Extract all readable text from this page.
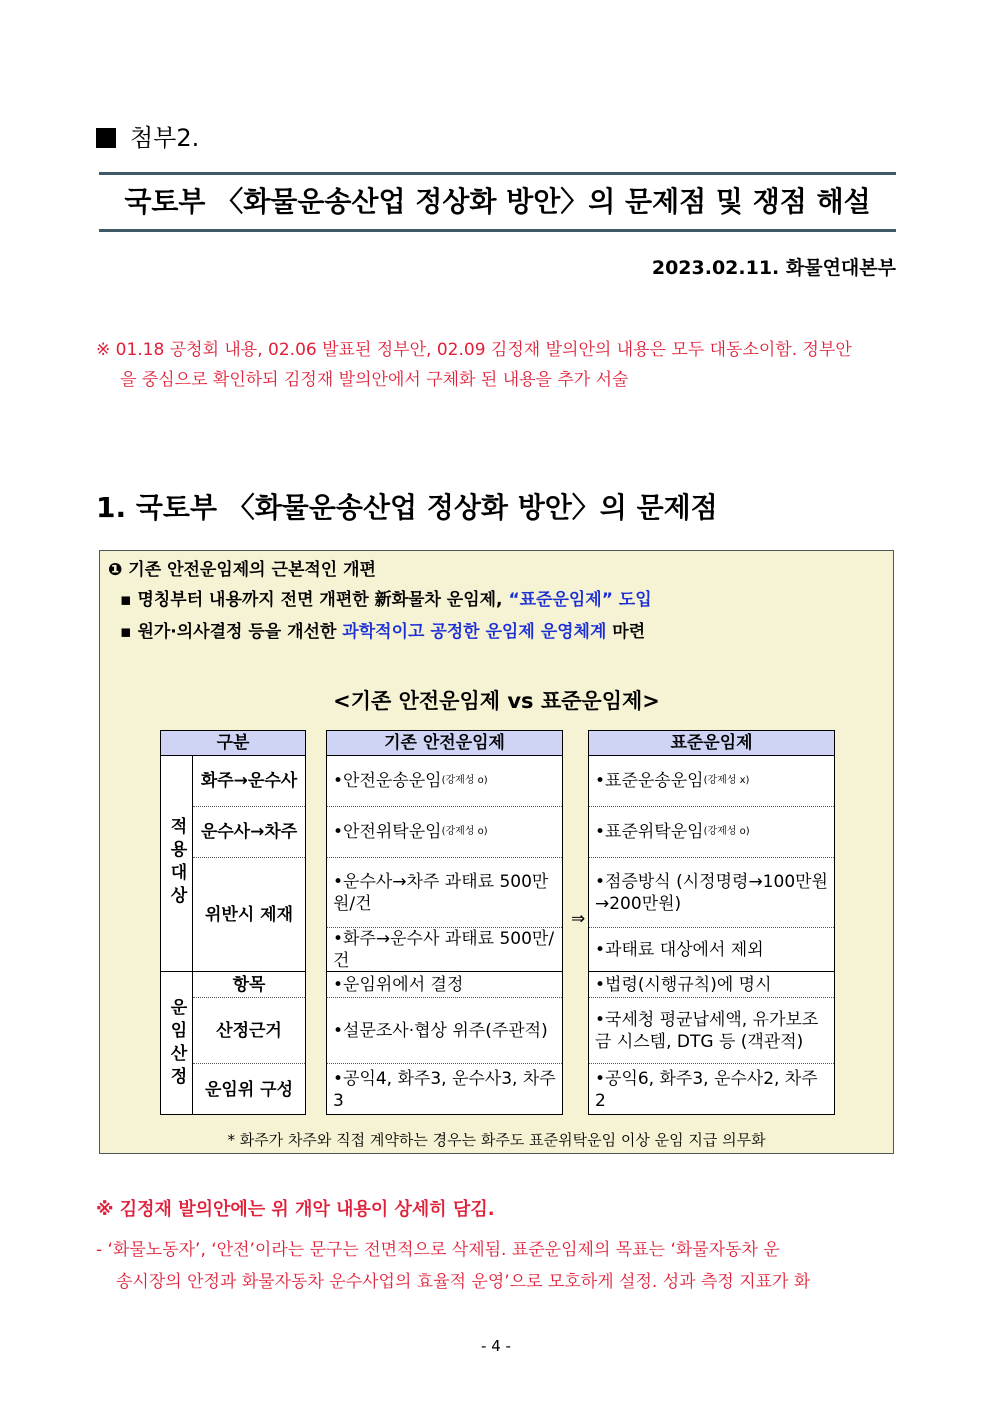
첨부2.
국토부 〈화물운송산업 정상화 방안〉의 문제점 및 쟁점 해설
2023.02.11. 화물연대본부
※ 01.18 공청회 내용, 02.06 발표된 정부안, 02.09 김정재 발의안의 내용은 모두 대동소이함. 정부안
을 중심으로 확인하되 김정재 발의안에서 구체화 된 내용을 추가 서술
1. 국토부 〈화물운송산업 정상화 방안〉의 문제점
❶ 기존 안전운임제의 근본적인 개편
▪ 명칭부터 내용까지 전면 개편한 新화물차 운임제, “표준운임제” 도입
▪ 원가·의사결정 등을 개선한 과학적이고 공정한 운임제 운영체계 마련
<기존 안전운임제 vs 표준운임제>
구분
적용대상
운임산정
화주→운수사
운수사→차주
위반시 제재
항목
산정근거
운임위 구성
기존 안전운임제
•안전운송운임 (강제성 o)
•안전위탁운임 (강제성 o)
•운수사→차주 과태료 500만원/건
•화주→운수사 과태료 500만/건
•운임위에서 결정
•설문조사·협상 위주(주관적)
•공익4, 화주3, 운수사3, 차주3
⇒
표준운임제
•표준운송운임 (강제성 x)
•표준위탁운임 (강제성 o)
•점증방식 (시정명령→100만원→200만원)
•과태료 대상에서 제외
•법령(시행규칙)에 명시
•국세청 평균납세액, 유가보조금 시스템, DTG 등 (객관적)
•공익6, 화주3, 운수사2, 차주2
* 화주가 차주와 직접 계약하는 경우는 화주도 표준위탁운임 이상 운임 지급 의무화
※ 김정재 발의안에는 위 개악 내용이 상세히 담김.
- ‘화물노동자’, ‘안전’이라는 문구는 전면적으로 삭제됨. 표준운임제의 목표는 ‘화물자동차 운
송시장의 안정과 화물자동차 운수사업의 효율적 운영’으로 모호하게 설정. 성과 측정 지표가 화
- 4 -
